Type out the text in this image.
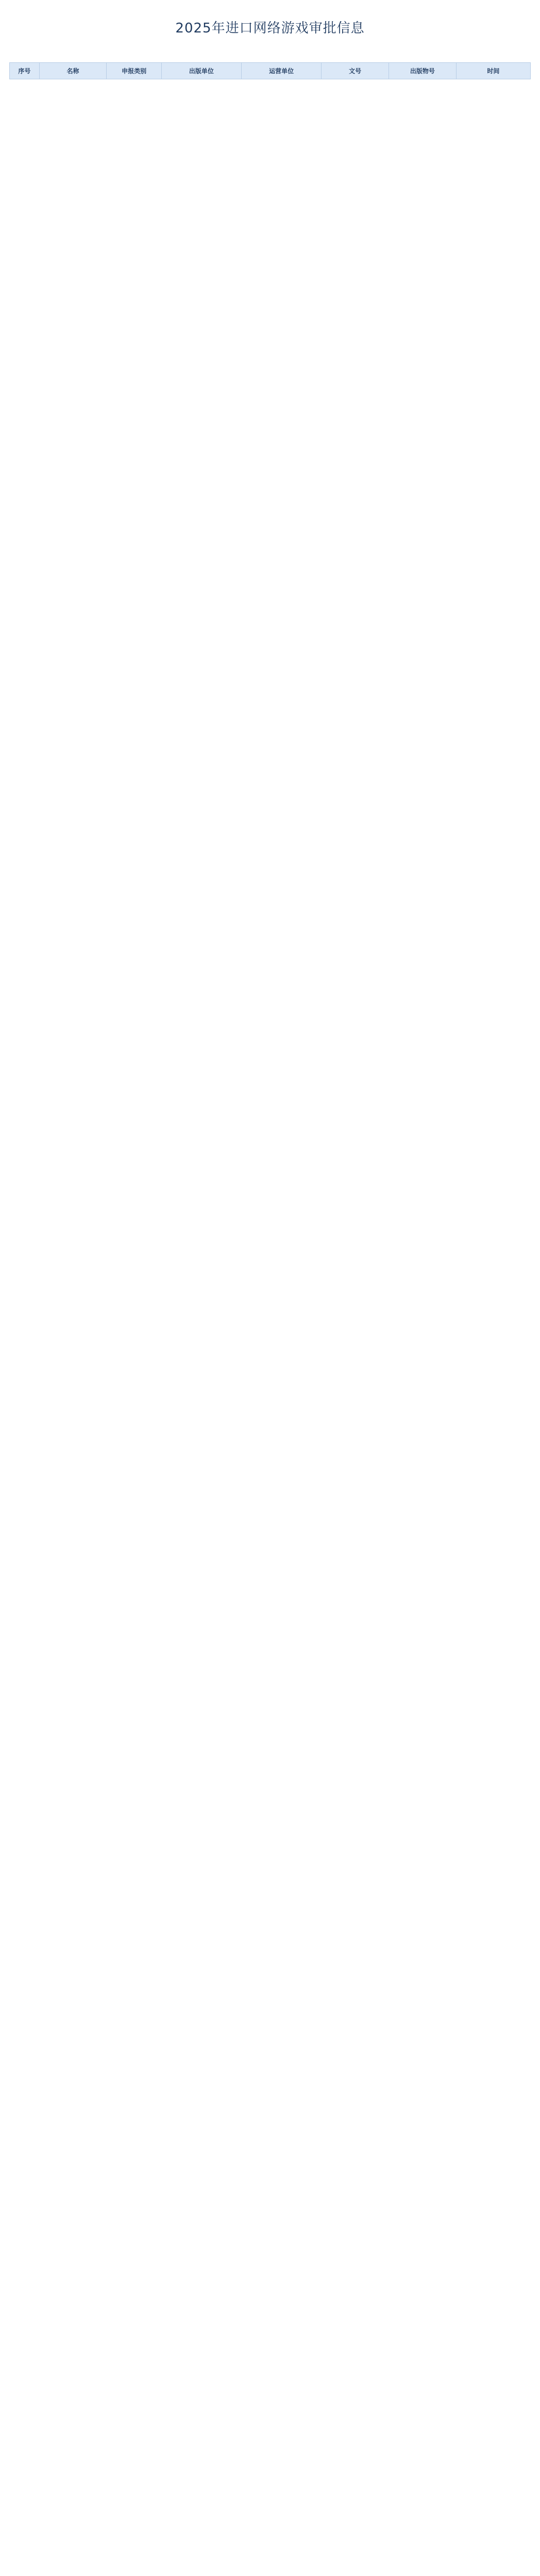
2025年进口网络游戏审批信息
序号	名称	申报类别	出版单位	运营单位	文号	出版物号	时间
